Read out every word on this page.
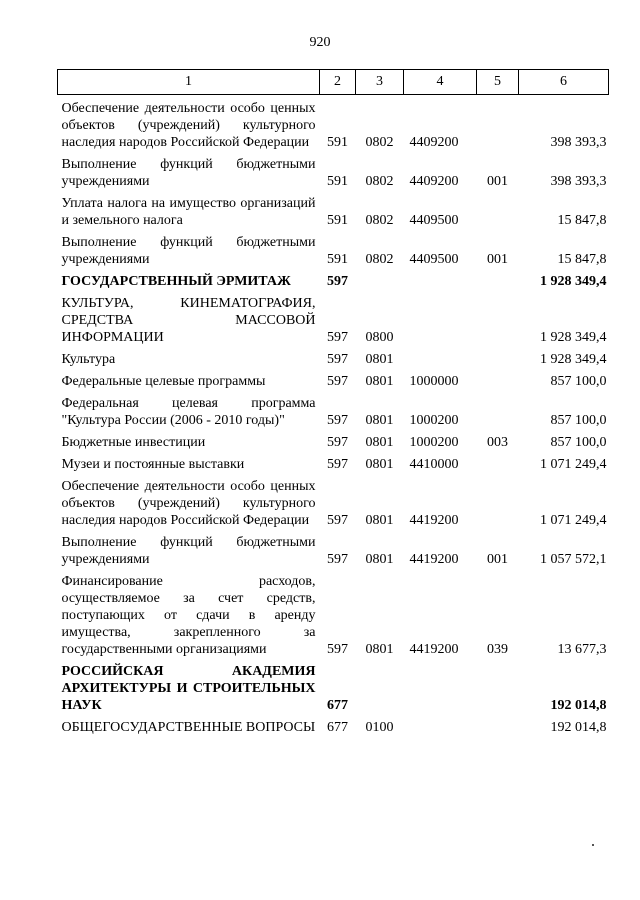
920
1	2	3	4	5	6
Обеспечение деятельности особо ценных объектов (учреждений) культурного наследия народов Российской Федерации	591	0802	4409200		398 393,3
Выполнение функций бюджетными учреждениями	591	0802	4409200	001	398 393,3
Уплата налога на имущество организаций и земельного налога	591	0802	4409500		15 847,8
Выполнение функций бюджетными учреждениями	591	0802	4409500	001	15 847,8
ГОСУДАРСТВЕННЫЙ ЭРМИТАЖ	597				1 928 349,4
КУЛЬТУРА, КИНЕМАТОГРАФИЯ, СРЕДСТВА МАССОВОЙ ИНФОРМАЦИИ	597	0800			1 928 349,4
Культура	597	0801			1 928 349,4
Федеральные целевые программы	597	0801	1000000		857 100,0
Федеральная целевая программа "Культура России (2006 - 2010 годы)"	597	0801	1000200		857 100,0
Бюджетные инвестиции	597	0801	1000200	003	857 100,0
Музеи и постоянные выставки	597	0801	4410000		1 071 249,4
Обеспечение деятельности особо ценных объектов (учреждений) культурного наследия народов Российской Федерации	597	0801	4419200		1 071 249,4
Выполнение функций бюджетными учреждениями	597	0801	4419200	001	1 057 572,1
Финансирование расходов, осуществляемое за счет средств, поступающих от сдачи в аренду имущества, закрепленного за государственными организациями	597	0801	4419200	039	13 677,3
РОССИЙСКАЯ АКАДЕМИЯ АРХИТЕКТУРЫ И СТРОИТЕЛЬНЫХ НАУК	677				192 014,8
ОБЩЕГОСУДАРСТВЕННЫЕ ВОПРОСЫ	677	0100			192 014,8
